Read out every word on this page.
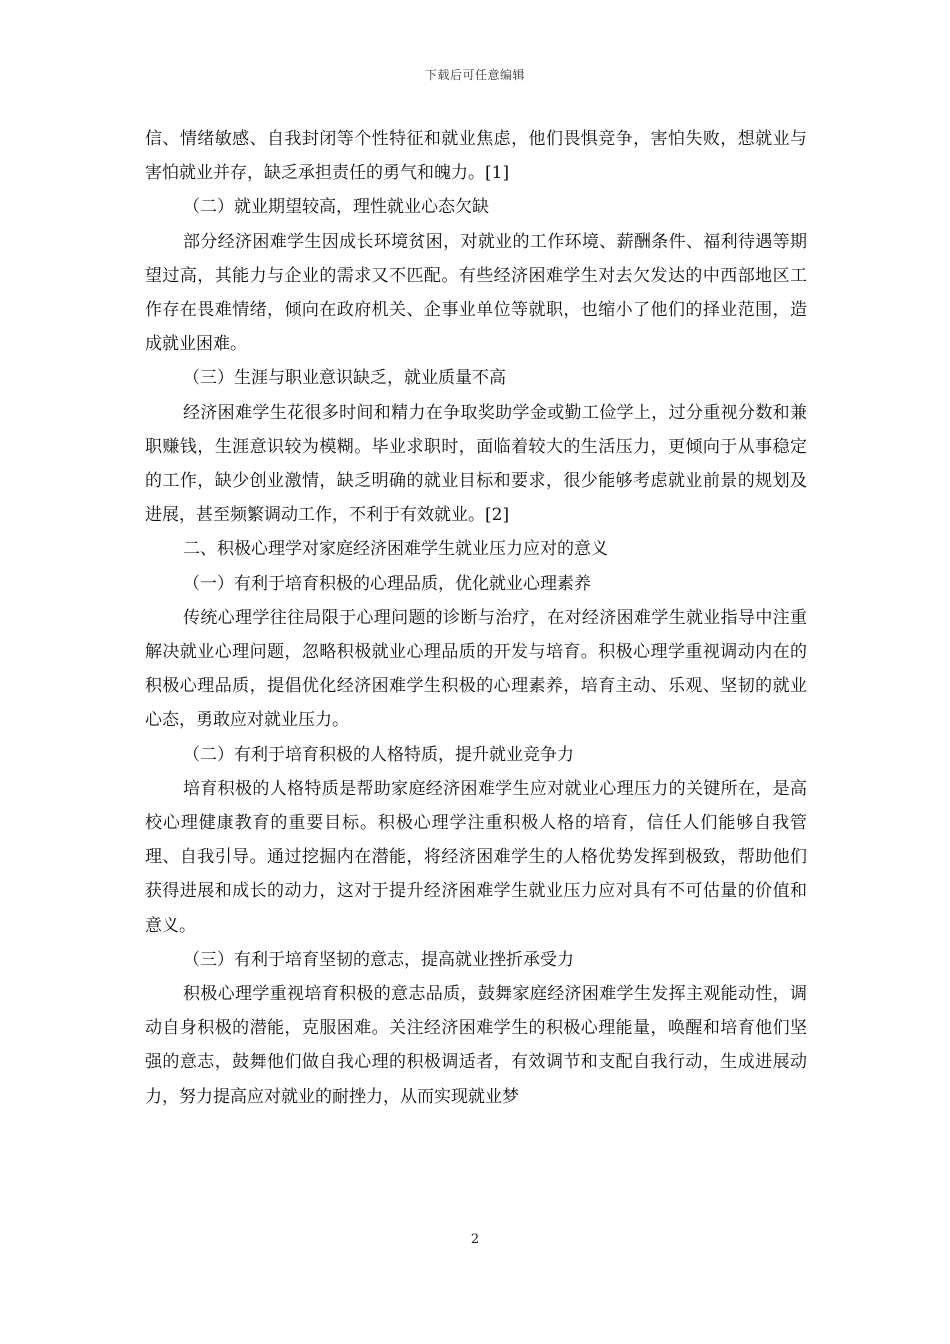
下载后可任意编辑

信、情绪敏感、自我封闭等个性特征和就业焦虑，他们畏惧竞争，害怕失败，想就业与害怕就业并存，缺乏承担责任的勇气和魄力。[1]

（二）就业期望较高，理性就业心态欠缺

部分经济困难学生因成长环境贫困，对就业的工作环境、薪酬条件、福利待遇等期望过高，其能力与企业的需求又不匹配。有些经济困难学生对去欠发达的中西部地区工作存在畏难情绪，倾向在政府机关、企事业单位等就职，也缩小了他们的择业范围，造成就业困难。

（三）生涯与职业意识缺乏，就业质量不高

经济困难学生花很多时间和精力在争取奖助学金或勤工俭学上，过分重视分数和兼职赚钱，生涯意识较为模糊。毕业求职时，面临着较大的生活压力，更倾向于从事稳定的工作，缺少创业激情，缺乏明确的就业目标和要求，很少能够考虑就业前景的规划及进展，甚至频繁调动工作，不利于有效就业。[2]

二、积极心理学对家庭经济困难学生就业压力应对的意义

（一）有利于培育积极的心理品质，优化就业心理素养

传统心理学往往局限于心理问题的诊断与治疗，在对经济困难学生就业指导中注重解决就业心理问题，忽略积极就业心理品质的开发与培育。积极心理学重视调动内在的积极心理品质，提倡优化经济困难学生积极的心理素养，培育主动、乐观、坚韧的就业心态，勇敢应对就业压力。

（二）有利于培育积极的人格特质，提升就业竞争力

培育积极的人格特质是帮助家庭经济困难学生应对就业心理压力的关键所在，是高校心理健康教育的重要目标。积极心理学注重积极人格的培育，信任人们能够自我管理、自我引导。通过挖掘内在潜能，将经济困难学生的人格优势发挥到极致，帮助他们获得进展和成长的动力，这对于提升经济困难学生就业压力应对具有不可估量的价值和意义。

（三）有利于培育坚韧的意志，提高就业挫折承受力

积极心理学重视培育积极的意志品质，鼓舞家庭经济困难学生发挥主观能动性，调动自身积极的潜能，克服困难。关注经济困难学生的积极心理能量，唤醒和培育他们坚强的意志，鼓舞他们做自我心理的积极调适者，有效调节和支配自我行动，生成进展动力，努力提高应对就业的耐挫力，从而实现就业梦

2
